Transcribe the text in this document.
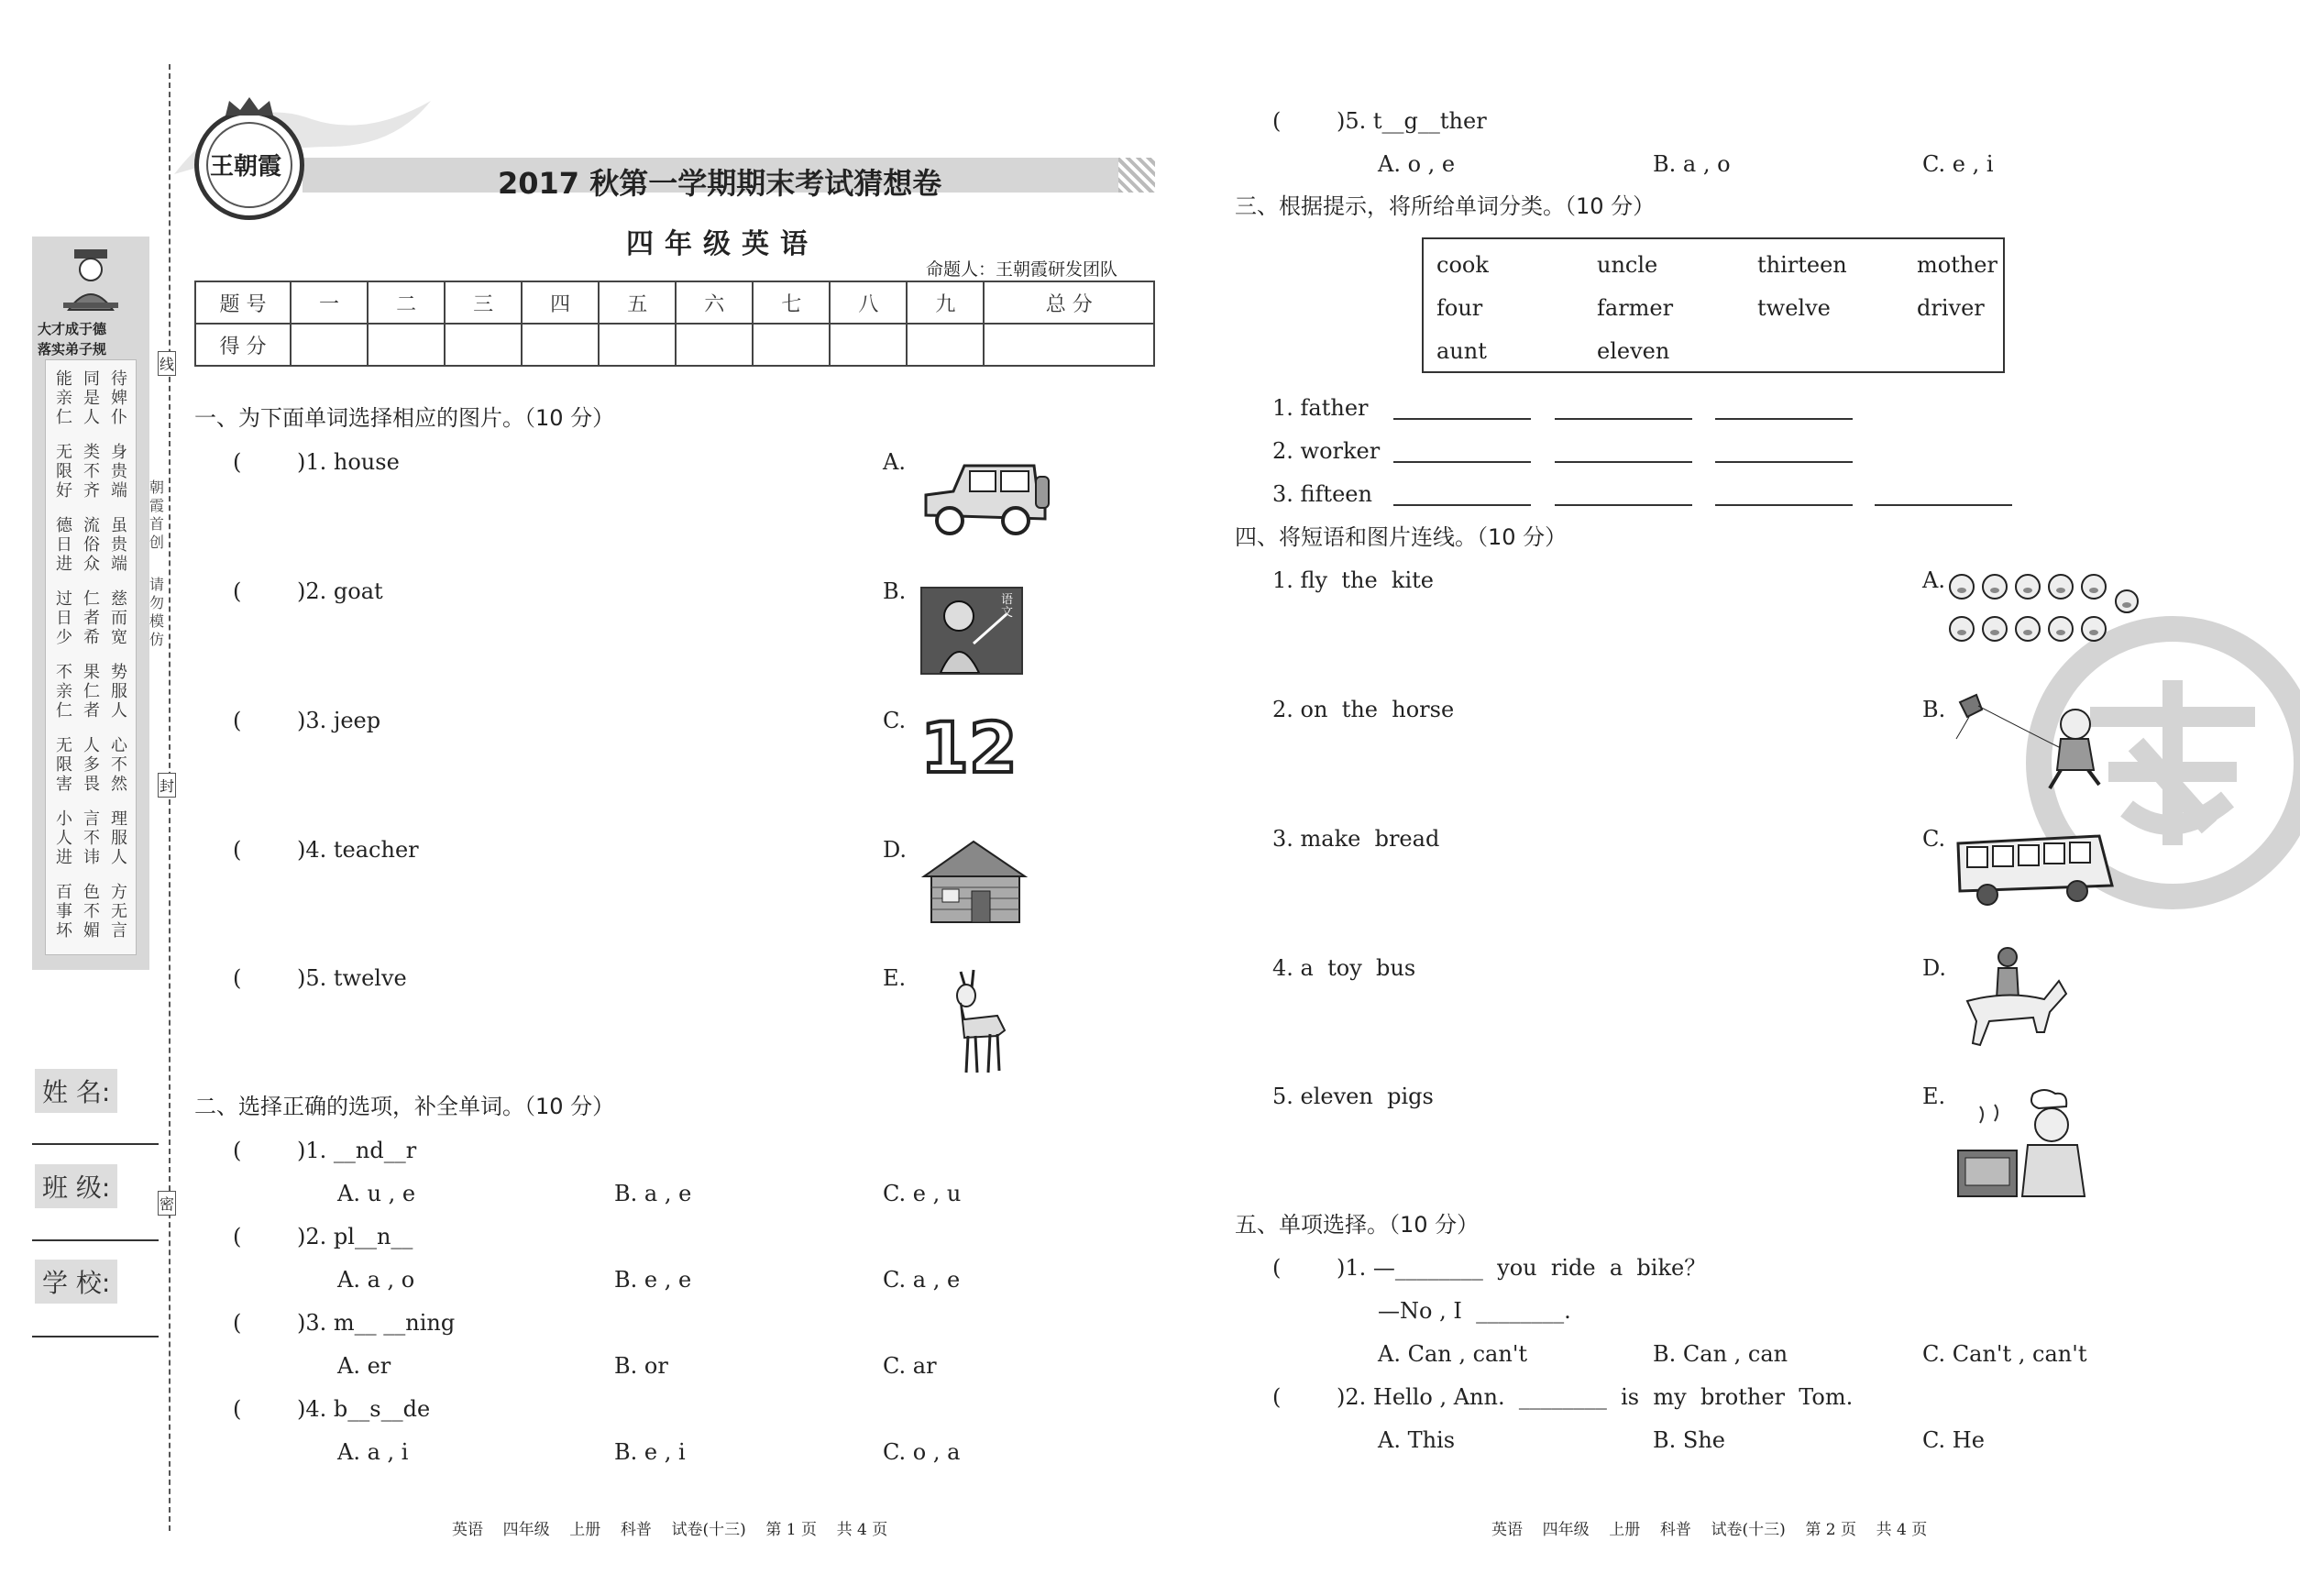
大才成于德
落实弟子规
能亲仁
同是人
待婢仆
无限好
类不齐
身贵端
德日进
流俗众
虽贵端
过日少
仁者希
慈而宽
不亲仁
果仁者
势服人
无限害
人多畏
心不然
小人进
言不讳
理服人
百事坏
色不媚
方无言
朝霞首创
请勿模仿
线
封
密
姓 名:
班 级:
学 校:
王朝霞	2017 秋第一学期期末考试猜想卷
四年级英语
命题人：王朝霞研发团队
题 号	一	二	三	四	五	六	七	八	九	总 分
得 分										
一、为下面单词选择相应的图片。（10 分）
(	)1. house
(	)2. goat
(	)3. jeep
(	)4. teacher
(	)5. twelve
A.
B.
C.
D.
E.
语文
12
二、选择正确的选项，补全单词。（10 分）
(	)1. __nd__r
A. u , e	B. a , e	C. e , u
(	)2. pl__n__
A. a , o	B. e , e	C. a , e
(	)3. m__ __ning
A. er	B. or	C. ar
(	)4. b__s__de
A. a , i	B. e , i	C. o , a
英语    四年级    上册    科普    试卷(十三)    第 1 页    共 4 页
(	)5. t__g__ther
A. o , e	B. a , o	C. e , i
三、根据提示，将所给单词分类。（10 分）
cook	uncle	thirteen	mother
four	farmer	twelve	driver
aunt	eleven
1. father
2. worker
3. fifteen
四、将短语和图片连线。（10 分）
1. fly  the  kite
2. on  the  horse
3. make  bread
4. a  toy  bus
5. eleven  pigs
A.
B.
C.
D.
E.
五、单项选择。（10 分）
(	)1. —________  you  ride  a  bike？
—No , I  ________.
A. Can , can't	B. Can , can	C. Can't , can't
(	)2. Hello , Ann.  ________  is  my  brother  Tom.
A. This	B. She	C. He
英语    四年级    上册    科普    试卷(十三)    第 2 页    共 4 页
